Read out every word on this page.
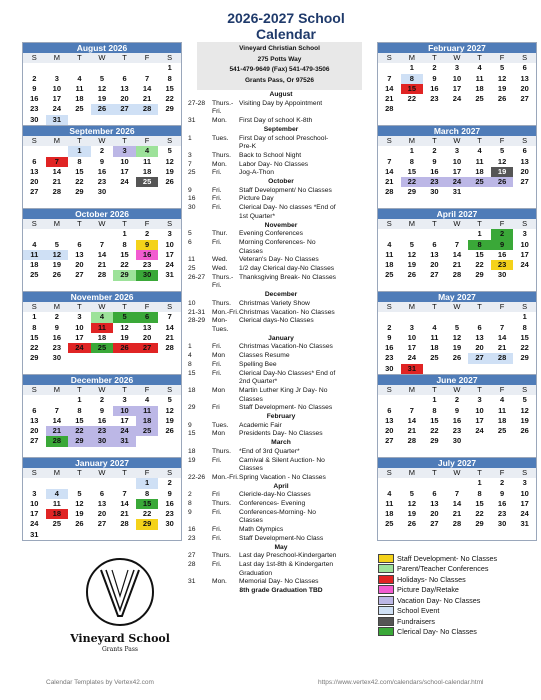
2026-2027 School Calendar
Vineyard Christian School
275 Potts Way
541-479-9649 (Fax) 541-479-3506
Grants Pass, Or 97526
August 2026
S	M	T	W	T	F	S
						1
2	3	4	5	6	7	8
9	10	11	12	13	14	15
16	17	18	19	20	21	22
23	24	25	26	27	28	29
30	31					
September 2026
S	M	T	W	T	F	S
		1	2	3	4	5
6	7	8	9	10	11	12
13	14	15	16	17	18	19
20	21	22	23	24	25	26
27	28	29	30			

October 2026
S	M	T	W	T	F	S
				1	2	3
4	5	6	7	8	9	10
11	12	13	14	15	16	17
18	19	20	21	22	23	24
25	26	27	28	29	30	31

November 2026
S	M	T	W	T	F	S
1	2	3	4	5	6	7
8	9	10	11	12	13	14
15	16	17	18	19	20	21
22	23	24	25	26	27	28
29	30					

December 2026
S	M	T	W	T	F	S
		1	2	3	4	5
6	7	8	9	10	11	12
13	14	15	16	17	18	19
20	21	22	23	24	25	26
27	28	29	30	31		

January 2027
S	M	T	W	T	F	S
					1	2
3	4	5	6	7	8	9
10	11	12	13	14	15	16
17	18	19	20	21	22	23
24	25	26	27	28	29	30
31						
February 2027
S	M	T	W	T	F	S
	1	2	3	4	5	6
7	8	9	10	11	12	13
14	15	16	17	18	19	20
21	22	23	24	25	26	27
28						

March 2027
S	M	T	W	T	F	S
	1	2	3	4	5	6
7	8	9	10	11	12	13
14	15	16	17	18	19	20
21	22	23	24	25	26	27
28	29	30	31			

April 2027
S	M	T	W	T	F	S
				1	2	3
4	5	6	7	8	9	10
11	12	13	14	15	16	17
18	19	20	21	22	23	24
25	26	27	28	29	30	

May 2027
S	M	T	W	T	F	S
						1
2	3	4	5	6	7	8
9	10	11	12	13	14	15
16	17	18	19	20	21	22
23	24	25	26	27	28	29
30	31					
June 2027
S	M	T	W	T	F	S
		1	2	3	4	5
6	7	8	9	10	11	12
13	14	15	16	17	18	19
20	21	22	23	24	25	26
27	28	29	30			

July 2027
S	M	T	W	T	F	S
				1	2	3
4	5	6	7	8	9	10
11	12	13	14	15	16	17
18	19	20	21	22	23	24
25	26	27	28	29	30	31

August
27-28	Thurs.-Fri.
Visiting Day by Appointment
31	Mon.	First Day of school K-8th
September
1	Tues.	First Day of school Preschool-
Pre-K
3	Thurs.	Back to School Night
7	Mon.	Labor Day- No Classes
25	Fri.	Jog-A-Thon
October
9	Fri.	Staff Development/ No Classes
16	Fri.	Picture Day
30	Fri.	Clerical Day- No classes *End of
1st Quarter*
November
5	Thur.	Evening Conferences
6	Fri.	Morning Conferences- No
Classes
11	Wed.	Veteran's Day- No Classes
25	Wed.	1/2 day Clerical day-No Classes
26-27	Thurs.-Fri.
Thanksgiving Break- No Classes
December
10	Thurs.	Christmas Variety Show
21-31	Mon.-Fri. Christmas Vacation- No Classes
28-29	Mon-Tues.
Clerical days-No Classes
January
1	Fri.	Christmas Vacation-No Classes
4	Mon	Classes Resume
8	Fri.	Spelling Bee
15	Fri.	Clerical Day-No Classes* End of
2nd Quarter*
18	Mon	Martin Luther King Jr Day- No
Classes
29	Fri	Staff Development- No Classes
February
9	Tues.	Academic Fair
15	Mon	Presidents Day- No Classes
March
18	Thurs.	*End of 3rd Quarter*
19	Fri.	Carnival & Silent Auction- No
Classes
22-26	Mon.-Fri. Spring Vacation - No Classes
April
2	Fri	Clericle-day-No Classes
8	Thurs.	Conferences- Evening
9	Fri.	Conferences-Morning- No
Classes
16	Fri.	Math Olympics
23	Fri.	Staff Development-No Class
May
27	Thurs.	Last day Preschool-Kindergarten
28	Fri.	Last day 1st-8th & Kindergarten
Graduation
31	Mon.	Memorial Day- No Classes
8th grade Graduation TBD
Vineyard School
Grants Pass
Staff Development- No Classes
Parent/Teacher Conferences
Holidays- No Classes
Picture Day/Retake
Vacation Day- No Classes
School Event
Fundraisers
Clerical Day- No Classes
Calendar Templates by Vertex42.com	https://www.vertex42.com/calendars/school-calendar.html
